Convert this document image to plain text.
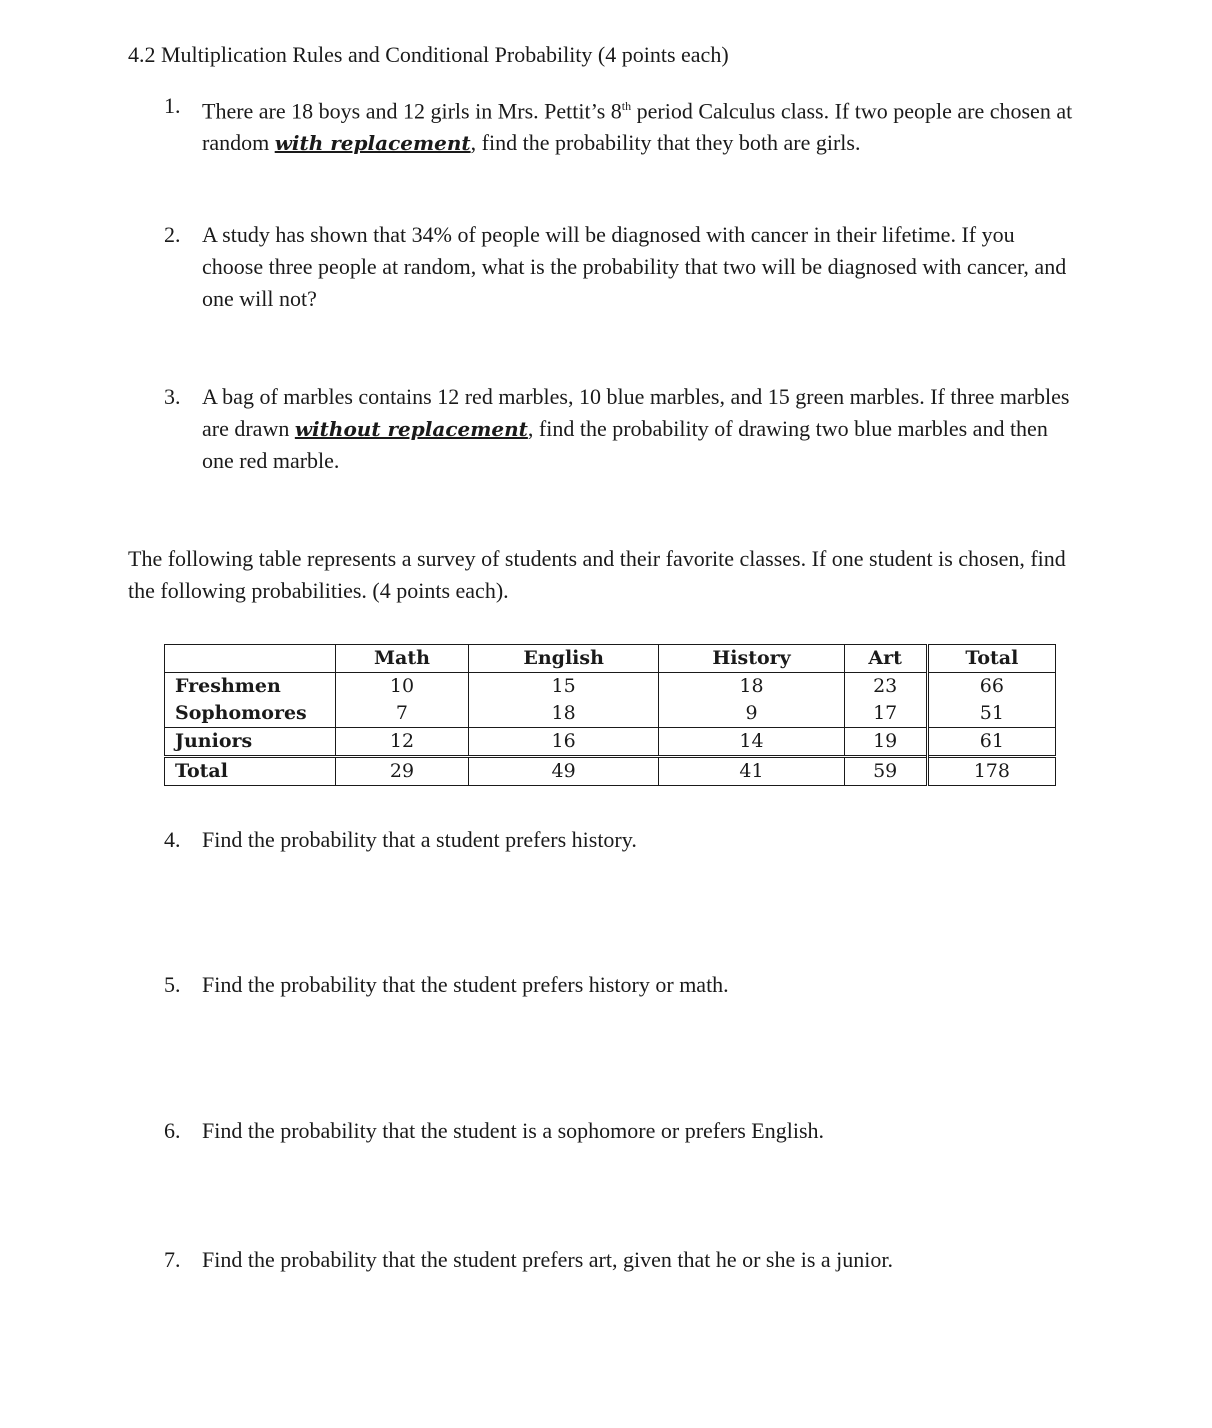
4.2 Multiplication Rules and Conditional Probability (4 points each)
1. There are 18 boys and 12 girls in Mrs. Pettit’s 8th period Calculus class. If two people are chosen at random with replacement, find the probability that they both are girls.
2. A study has shown that 34% of people will be diagnosed with cancer in their lifetime. If you choose three people at random, what is the probability that two will be diagnosed with cancer, and one will not?
3. A bag of marbles contains 12 red marbles, 10 blue marbles, and 15 green marbles. If three marbles are drawn without replacement, find the probability of drawing two blue marbles and then one red marble.
The following table represents a survey of students and their favorite classes. If one student is chosen, find the following probabilities. (4 points each).
	Math	English	History	Art	Total
Freshmen	10	15	18	23	66
Sophomores	7	18	9	17	51
Juniors	12	16	14	19	61
Total	29	49	41	59	178
4. Find the probability that a student prefers history.
5. Find the probability that the student prefers history or math.
6. Find the probability that the student is a sophomore or prefers English.
7. Find the probability that the student prefers art, given that he or she is a junior.
